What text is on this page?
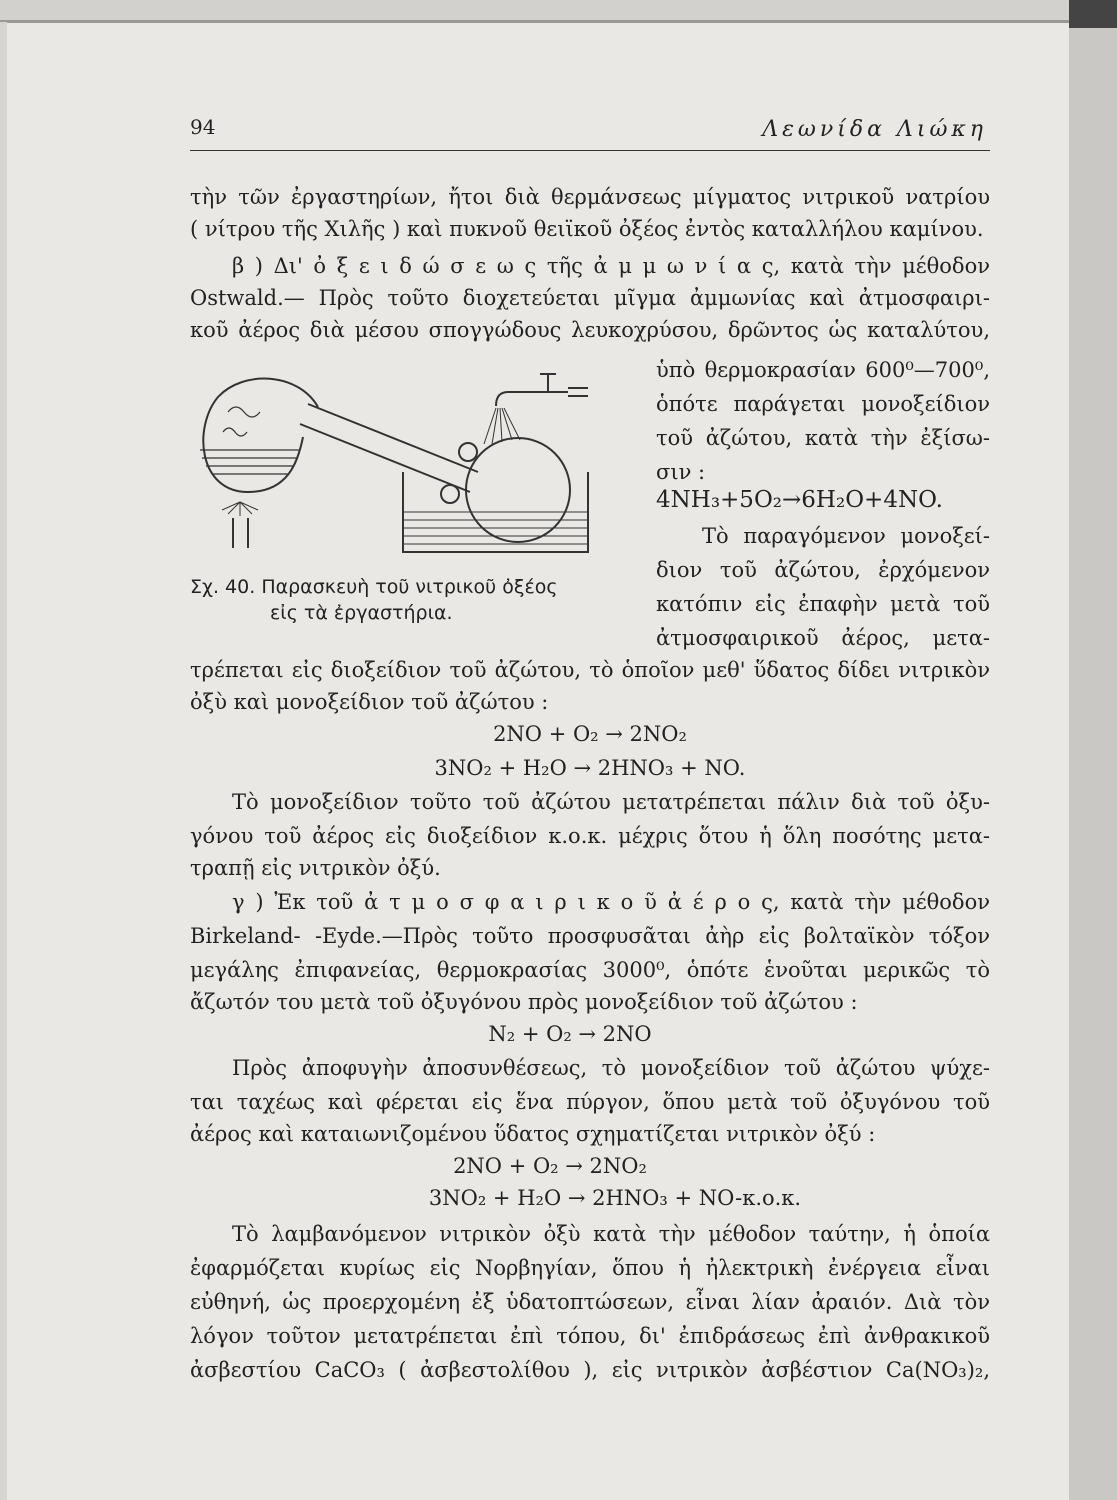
94	Λεωνίδα Λιώκη
τὴν τῶν ἐργαστηρίων, ἤτοι διὰ θερμάνσεως μίγματος νιτρικοῦ νατρίου
( νίτρου τῆς Χιλῆς ) καὶ πυκνοῦ θειϊκοῦ ὀξέος ἐντὸς καταλλήλου καμίνου.
β ) Δι' ὀ ξ ε ι δ ώ σ ε ω ς τῆς ἀ μ μ ω ν ί α ς, κατὰ τὴν μέθοδον
Ostwald.— Πρὸς τοῦτο διοχετεύεται μῖγμα ἀμμωνίας καὶ ἀτμοσφαιρι-
κοῦ ἀέρος διὰ μέσου σπογγώδους λευκοχρύσου, δρῶντος ὡς καταλύτου,
Σχ. 40. Παρασκευὴ τοῦ νιτρικοῦ ὀξέος
εἰς τὰ ἐργαστήρια.
ὑπὸ θερμοκρασίαν 600⁰—700⁰,
ὁπότε παράγεται μονοξείδιον
τοῦ ἀζώτου, κατὰ τὴν ἐξίσω-
σιν :
4NH₃+5O₂→6H₂O+4NO.
Τὸ παραγόμενον μονοξεί-
διον τοῦ ἀζώτου, ἐρχόμενον
κατόπιν εἰς ἐπαφὴν μετὰ τοῦ
ἀτμοσφαιρικοῦ ἀέρος, μετα-
τρέπεται εἰς διοξείδιον τοῦ ἀζώτου, τὸ ὁποῖον μεθ' ὕδατος δίδει νιτρικὸν
ὀξὺ καὶ μονοξείδιον τοῦ ἀζώτου :
2NO + O₂ → 2NO₂
3NO₂ + H₂O → 2HNO₃ + NO.
Τὸ μονοξείδιον τοῦτο τοῦ ἀζώτου μετατρέπεται πάλιν διὰ τοῦ ὀξυ-
γόνου τοῦ ἀέρος εἰς διοξείδιον κ.ο.κ. μέχρις ὅτου ἡ ὅλη ποσότης μετα-
τραπῇ εἰς νιτρικὸν ὀξύ.
γ ) Ἐκ τοῦ ἀ τ μ ο σ φ α ι ρ ι κ ο ῦ ἀ έ ρ ο ς, κατὰ τὴν μέθοδον
Birkeland- -Eyde.—Πρὸς τοῦτο προσφυσᾶται ἀὴρ εἰς βολταϊκὸν τόξον
μεγάλης ἐπιφανείας, θερμοκρασίας 3000⁰, ὁπότε ἑνοῦται μερικῶς τὸ
ἄζωτόν του μετὰ τοῦ ὀξυγόνου πρὸς μονοξείδιον τοῦ ἀζώτου :
N₂ + O₂ → 2NO
Πρὸς ἀποφυγὴν ἀποσυνθέσεως, τὸ μονοξείδιον τοῦ ἀζώτου ψύχε-
ται ταχέως καὶ φέρεται εἰς ἕνα πύργον, ὅπου μετὰ τοῦ ὀξυγόνου τοῦ
ἀέρος καὶ καταιωνιζομένου ὕδατος σχηματίζεται νιτρικὸν ὀξύ :
2NO + O₂ → 2NO₂
3NO₂ + H₂O → 2HNO₃ + NO-κ.ο.κ.
Τὸ λαμβανόμενον νιτρικὸν ὀξὺ κατὰ τὴν μέθοδον ταύτην, ἡ ὁποία
ἐφαρμόζεται κυρίως εἰς Νορβηγίαν, ὅπου ἡ ἠλεκτρικὴ ἐνέργεια εἶναι
εὐθηνή, ὡς προερχομένη ἐξ ὑδατοπτώσεων, εἶναι λίαν ἀραιόν. Διὰ τὸν
λόγον τοῦτον μετατρέπεται ἐπὶ τόπου, δι' ἐπιδράσεως ἐπὶ ἀνθρακικοῦ
ἀσβεστίου CaCO₃ ( ἀσβεστολίθου ), εἰς νιτρικὸν ἀσβέστιον Ca(NO₃)₂,
